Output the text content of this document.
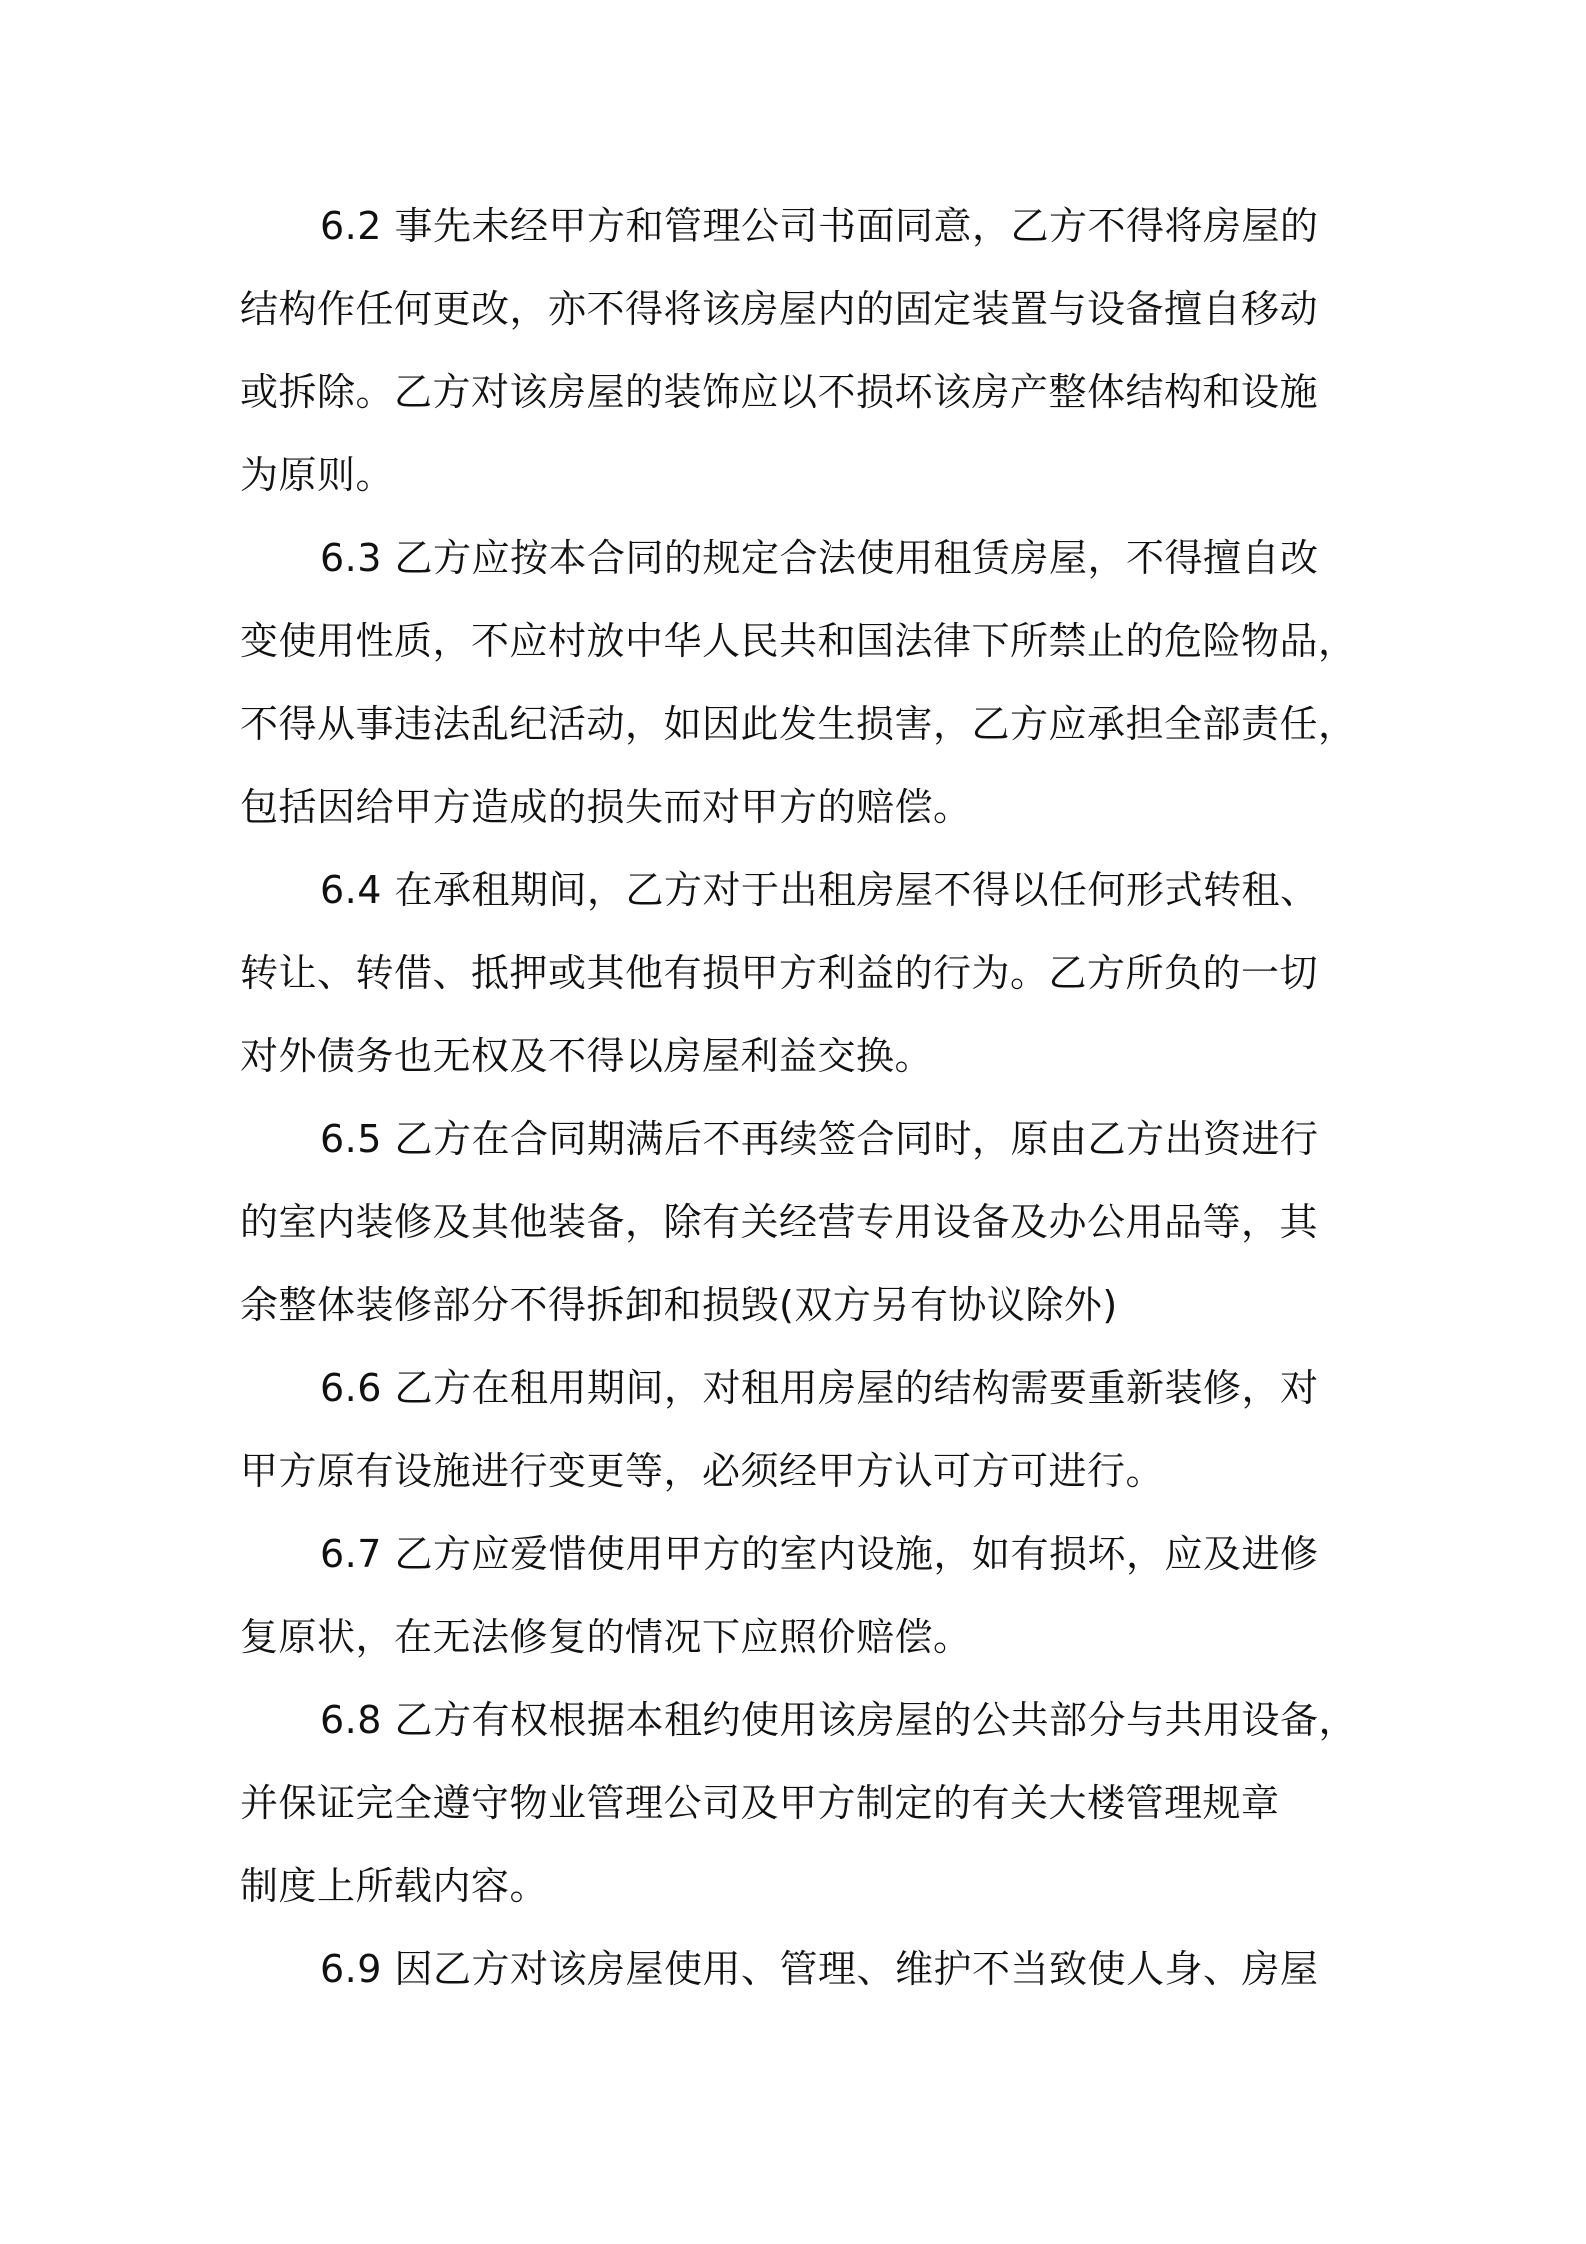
6.2 事先未经甲方和管理公司书面同意，乙方不得将房屋的
结构作任何更改，亦不得将该房屋内的固定装置与设备擅自移动
或拆除。乙方对该房屋的装饰应以不损坏该房产整体结构和设施
为原则。
6.3 乙方应按本合同的规定合法使用租赁房屋，不得擅自改
变使用性质，不应村放中华人民共和国法律下所禁止的危险物品，
不得从事违法乱纪活动，如因此发生损害，乙方应承担全部责任，
包括因给甲方造成的损失而对甲方的赔偿。
6.4 在承租期间，乙方对于出租房屋不得以任何形式转租、
转让、转借、抵押或其他有损甲方利益的行为。乙方所负的一切
对外债务也无权及不得以房屋利益交换。
6.5 乙方在合同期满后不再续签合同时，原由乙方出资进行
的室内装修及其他装备，除有关经营专用设备及办公用品等，其
余整体装修部分不得拆卸和损毁(双方另有协议除外)
6.6 乙方在租用期间，对租用房屋的结构需要重新装修，对
甲方原有设施进行变更等，必须经甲方认可方可进行。
6.7 乙方应爱惜使用甲方的室内设施，如有损坏，应及进修
复原状，在无法修复的情况下应照价赔偿。
6.8 乙方有权根据本租约使用该房屋的公共部分与共用设备，
并保证完全遵守物业管理公司及甲方制定的有关大楼管理规章
制度上所载内容。
6.9 因乙方对该房屋使用、管理、维护不当致使人身、房屋
